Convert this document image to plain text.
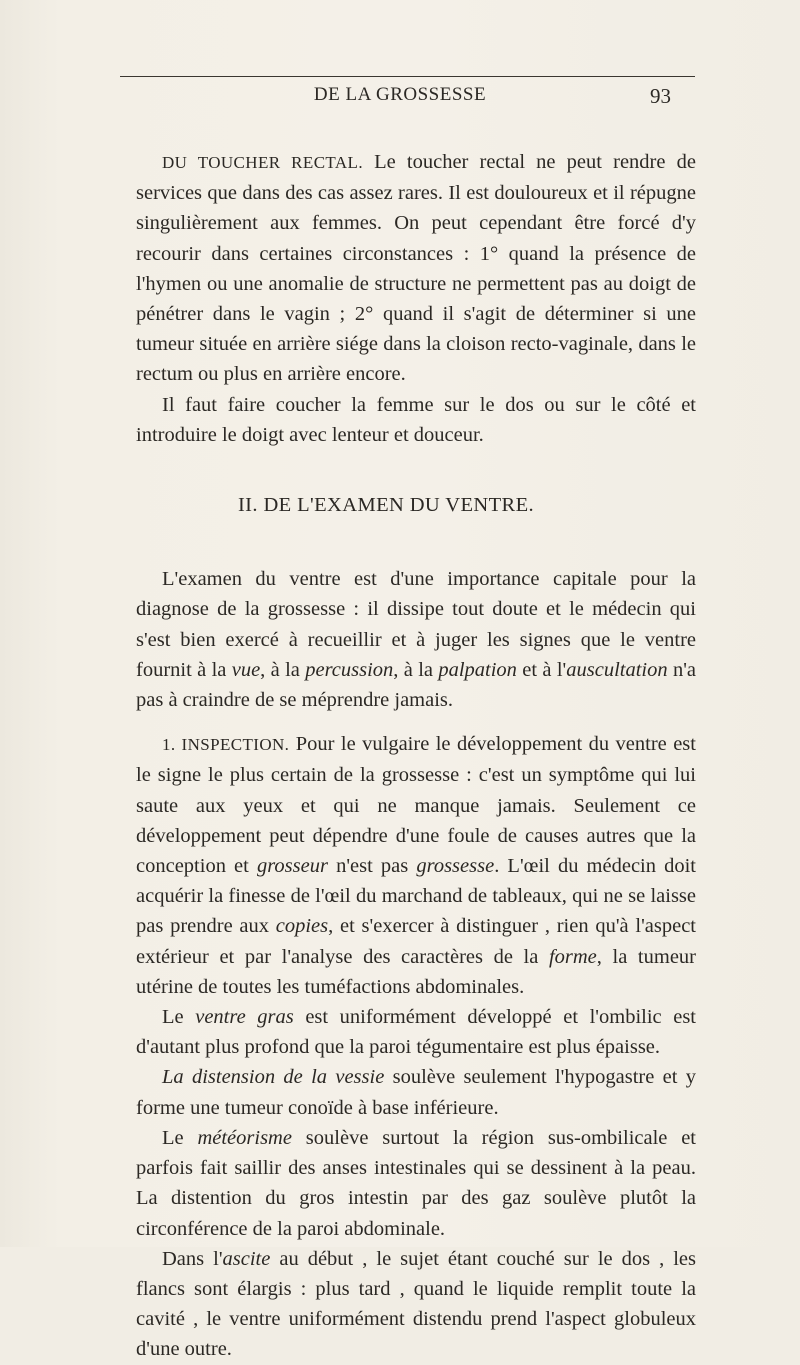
DE LA GROSSESSE	93

DU TOUCHER RECTAL. Le toucher rectal ne peut rendre de services que dans des cas assez rares. Il est douloureux et il répugne singulièrement aux femmes. On peut cependant être forcé d'y recourir dans certaines circonstances : 1° quand la présence de l'hymen ou une anomalie de structure ne permettent pas au doigt de pénétrer dans le vagin ; 2° quand il s'agit de déterminer si une tumeur située en arrière siége dans la cloison recto-vaginale, dans le rectum ou plus en arrière encore.

Il faut faire coucher la femme sur le dos ou sur le côté et introduire le doigt avec lenteur et douceur.

II. DE L'EXAMEN DU VENTRE.

L'examen du ventre est d'une importance capitale pour la diagnose de la grossesse : il dissipe tout doute et le médecin qui s'est bien exercé à recueillir et à juger les signes que le ventre fournit à la vue, à la percussion, à la palpation et à l'auscultation n'a pas à craindre de se méprendre jamais.

1. INSPECTION. Pour le vulgaire le développement du ventre est le signe le plus certain de la grossesse : c'est un symptôme qui lui saute aux yeux et qui ne manque jamais. Seulement ce développement peut dépendre d'une foule de causes autres que la conception et grosseur n'est pas grossesse. L'œil du médecin doit acquérir la finesse de l'œil du marchand de tableaux, qui ne se laisse pas prendre aux copies, et s'exercer à distinguer , rien qu'à l'aspect extérieur et par l'analyse des caractères de la forme, la tumeur utérine de toutes les tuméfactions abdominales.

Le ventre gras est uniformément développé et l'ombilic est d'autant plus profond que la paroi tégumentaire est plus épaisse.

La distension de la vessie soulève seulement l'hypogastre et y forme une tumeur conoïde à base inférieure.

Le météorisme soulève surtout la région sus-ombilicale et parfois fait saillir des anses intestinales qui se dessinent à la peau. La distention du gros intestin par des gaz soulève plutôt la circonférence de la paroi abdominale.

Dans l'ascite au début , le sujet étant couché sur le dos , les flancs sont élargis : plus tard , quand le liquide remplit toute la cavité , le ventre uniformément distendu prend l'aspect globuleux d'une outre.
